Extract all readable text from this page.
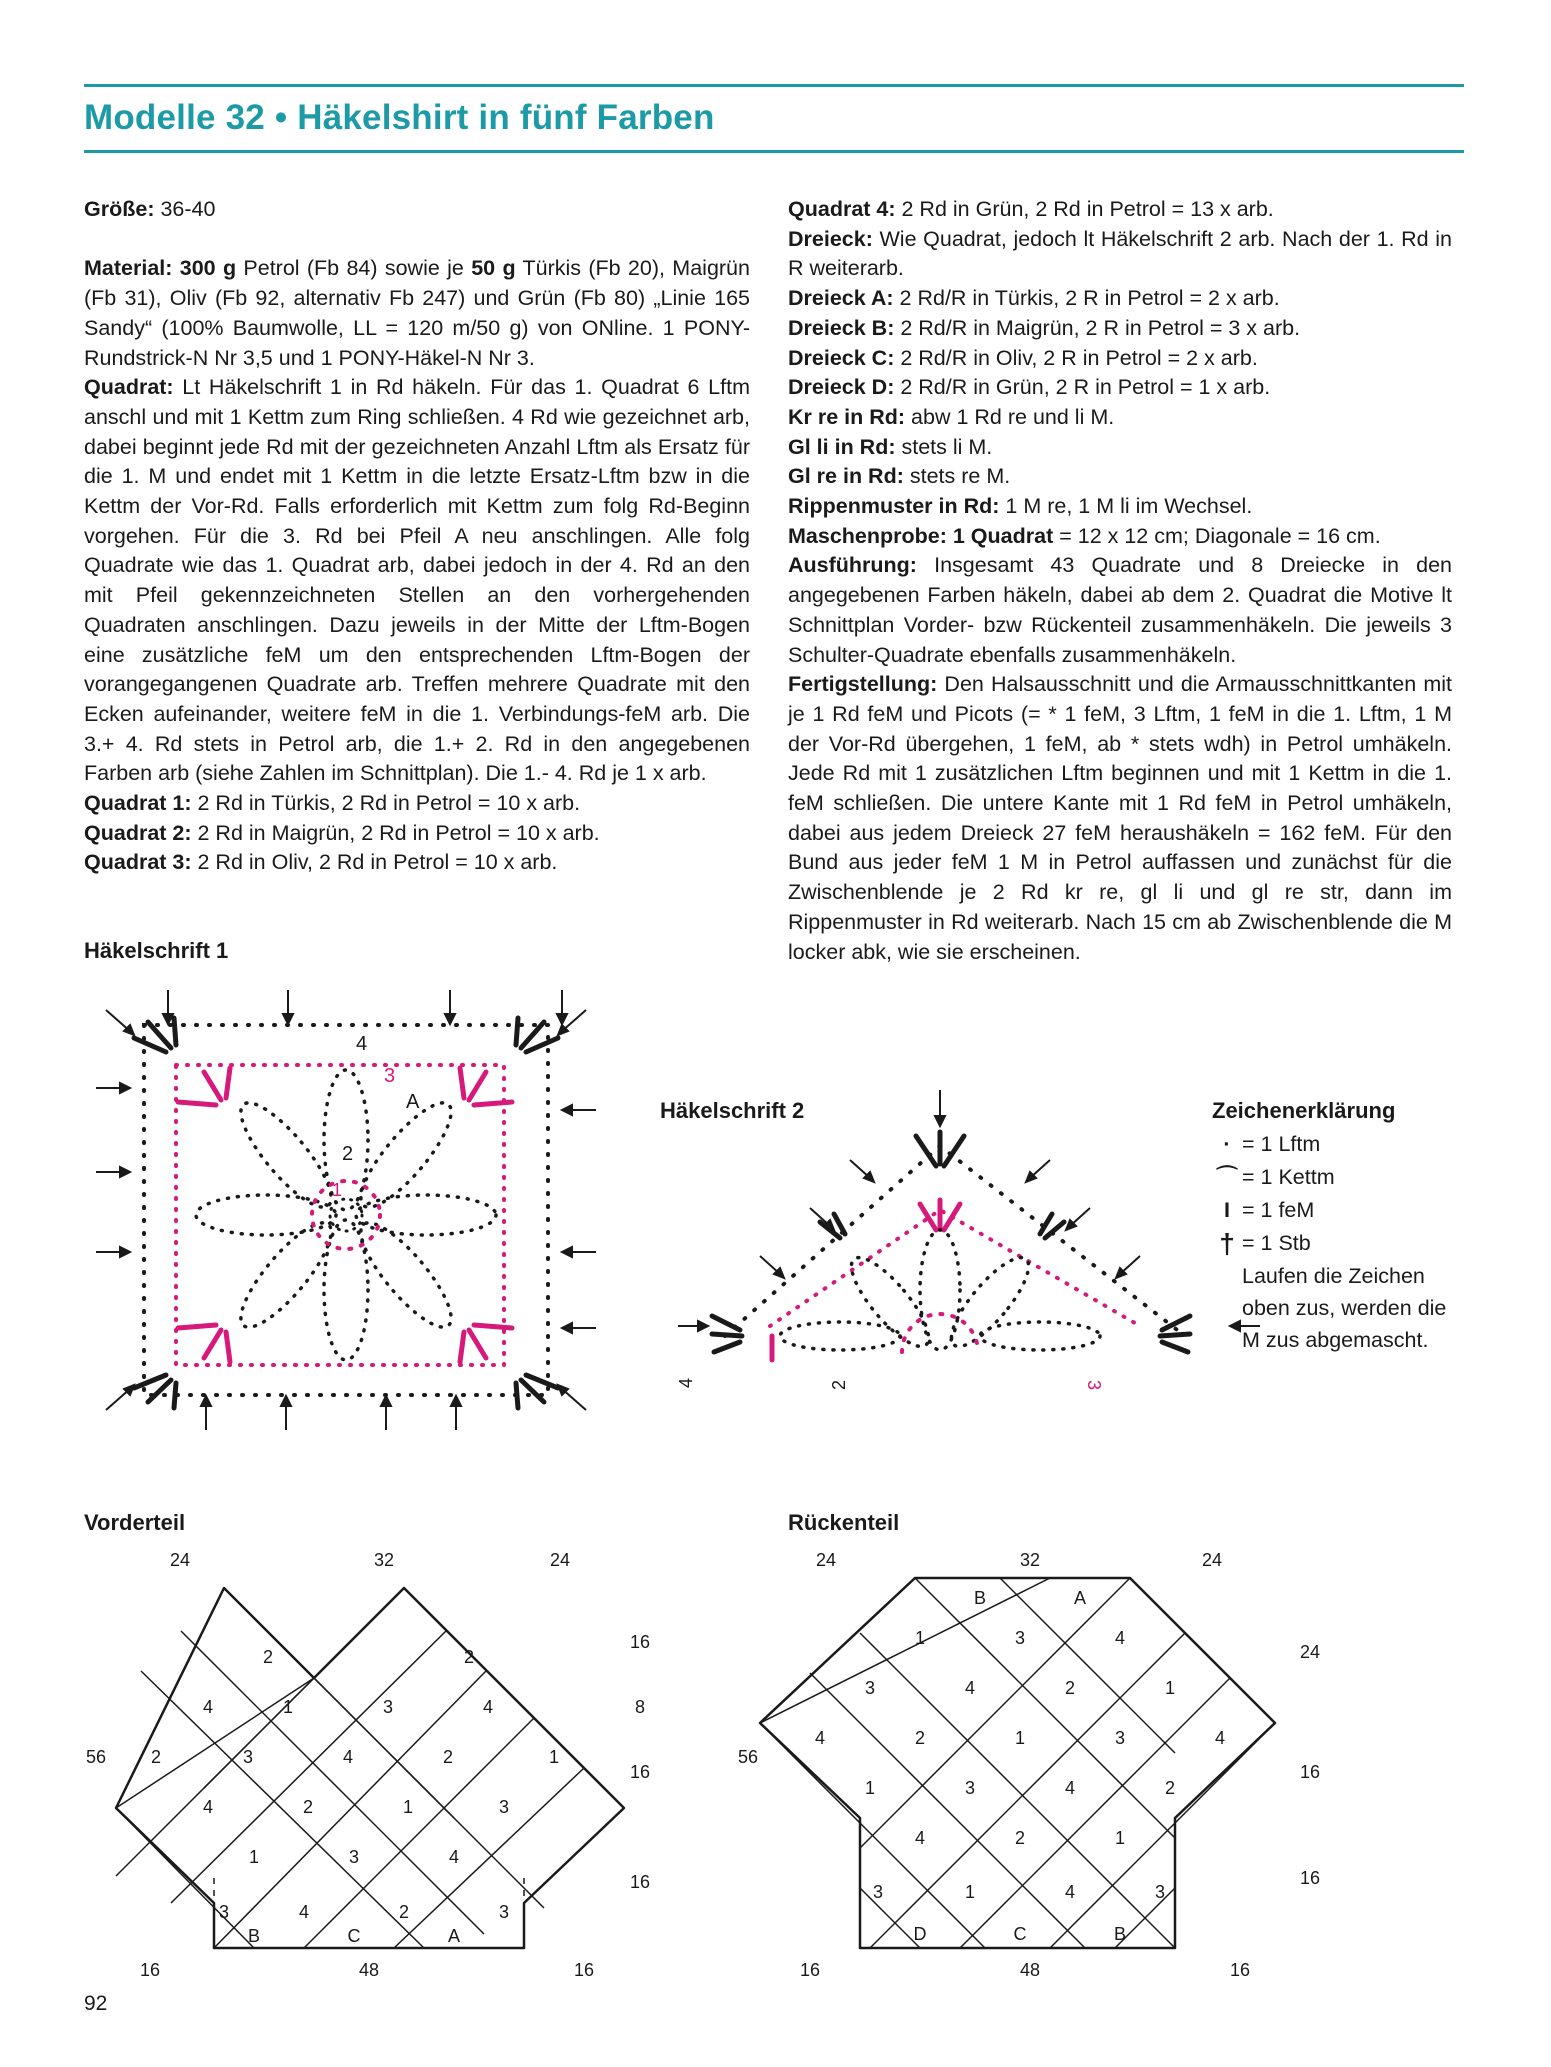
Modelle 32 • Häkelshirt in fünf Farben

Größe: 36-40

Material: 300 g Petrol (Fb 84) sowie je 50 g Türkis (Fb 20), Maigrün (Fb 31), Oliv (Fb 92, alternativ Fb 247) und Grün (Fb 80) „Linie 165 Sandy“ (100% Baumwolle, LL = 120 m/50 g) von ONline. 1 PONY-Rundstrick-N Nr 3,5 und 1 PONY-Häkel-N Nr 3.

Quadrat: Lt Häkelschrift 1 in Rd häkeln. Für das 1. Quadrat 6 Lftm anschl und mit 1 Kettm zum Ring schließen. 4 Rd wie gezeichnet arb, dabei beginnt jede Rd mit der gezeichneten Anzahl Lftm als Ersatz für die 1. M und endet mit 1 Kettm in die letzte Ersatz-Lftm bzw in die Kettm der Vor-Rd. Falls erforderlich mit Kettm zum folg Rd-Beginn vorgehen. Für die 3. Rd bei Pfeil A neu anschlingen. Alle folg Quadrate wie das 1. Quadrat arb, dabei jedoch in der 4. Rd an den mit Pfeil gekennzeichneten Stellen an den vorhergehenden Quadraten anschlingen. Dazu jeweils in der Mitte der Lftm-Bogen eine zusätzliche feM um den entsprechenden Lftm-Bogen der vorangegangenen Quadrate arb. Treffen mehrere Quadrate mit den Ecken aufeinander, weitere feM in die 1. Verbindungs-feM arb. Die 3.+ 4. Rd stets in Petrol arb, die 1.+ 2. Rd in den angegebenen Farben arb (siehe Zahlen im Schnittplan). Die 1.- 4. Rd je 1 x arb.

Quadrat 1: 2 Rd in Türkis, 2 Rd in Petrol = 10 x arb.

Quadrat 2: 2 Rd in Maigrün, 2 Rd in Petrol = 10 x arb.

Quadrat 3: 2 Rd in Oliv, 2 Rd in Petrol = 10 x arb.

Quadrat 4: 2 Rd in Grün, 2 Rd in Petrol = 13 x arb.

Dreieck: Wie Quadrat, jedoch lt Häkelschrift 2 arb. Nach der 1. Rd in R weiterarb.

Dreieck A: 2 Rd/R in Türkis, 2 R in Petrol = 2 x arb.

Dreieck B: 2 Rd/R in Maigrün, 2 R in Petrol = 3 x arb.

Dreieck C: 2 Rd/R in Oliv, 2 R in Petrol = 2 x arb.

Dreieck D: 2 Rd/R in Grün, 2 R in Petrol = 1 x arb.

Kr re in Rd: abw 1 Rd re und li M.

Gl li in Rd: stets li M.

Gl re in Rd: stets re M.

Rippenmuster in Rd: 1 M re, 1 M li im Wechsel.

Maschenprobe: 1 Quadrat = 12 x 12 cm; Diagonale = 16 cm.

Ausführung: Insgesamt 43 Quadrate und 8 Dreiecke in den angegebenen Farben häkeln, dabei ab dem 2. Quadrat die Motive lt Schnittplan Vorder- bzw Rückenteil zusammenhäkeln. Die jeweils 3 Schulter-Quadrate ebenfalls zusammenhäkeln.

Fertigstellung: Den Halsausschnitt und die Armausschnittkanten mit je 1 Rd feM und Picots (= * 1 feM, 3 Lftm, 1 feM in die 1. Lftm, 1 M der Vor-Rd übergehen, 1 feM, ab * stets wdh) in Petrol umhäkeln. Jede Rd mit 1 zusätzlichen Lftm beginnen und mit 1 Kettm in die 1. feM schließen. Die untere Kante mit 1 Rd feM in Petrol umhäkeln, dabei aus jedem Dreieck 27 feM heraushäkeln = 162 feM. Für den Bund aus jeder feM 1 M in Petrol auffassen und zunächst für die Zwischenblende je 2 Rd kr re, gl li und gl re str, dann im Rippenmuster in Rd weiterarb. Nach 15 cm ab Zwischenblende die M locker abk, wie sie erscheinen.

Häkelschrift 1
4
3
A
2
1
Häkelschrift 2
4	2	3
Zeichenerklärung
· = 1 Lftm
⌒ = 1 Kettm
I = 1 feM
† = 1 Stb
Laufen die Zeichen oben zus, werden die M zus abgemascht.
Vorderteil
24	32	24
16	48	16
16
8
16
16
56
2	2
4	1	3	4
2	3	4	2	1
4	2	1	3
1	3	4
3	4	2	3
B	C	A
Rückenteil
24	32	24
16	48	16
24
16
16
56
B	A
1	3	4
3	4	2	1
4	2	1	3	4
1	3	4	2
4	2	1
3	1	4	3
D	C	B
92
